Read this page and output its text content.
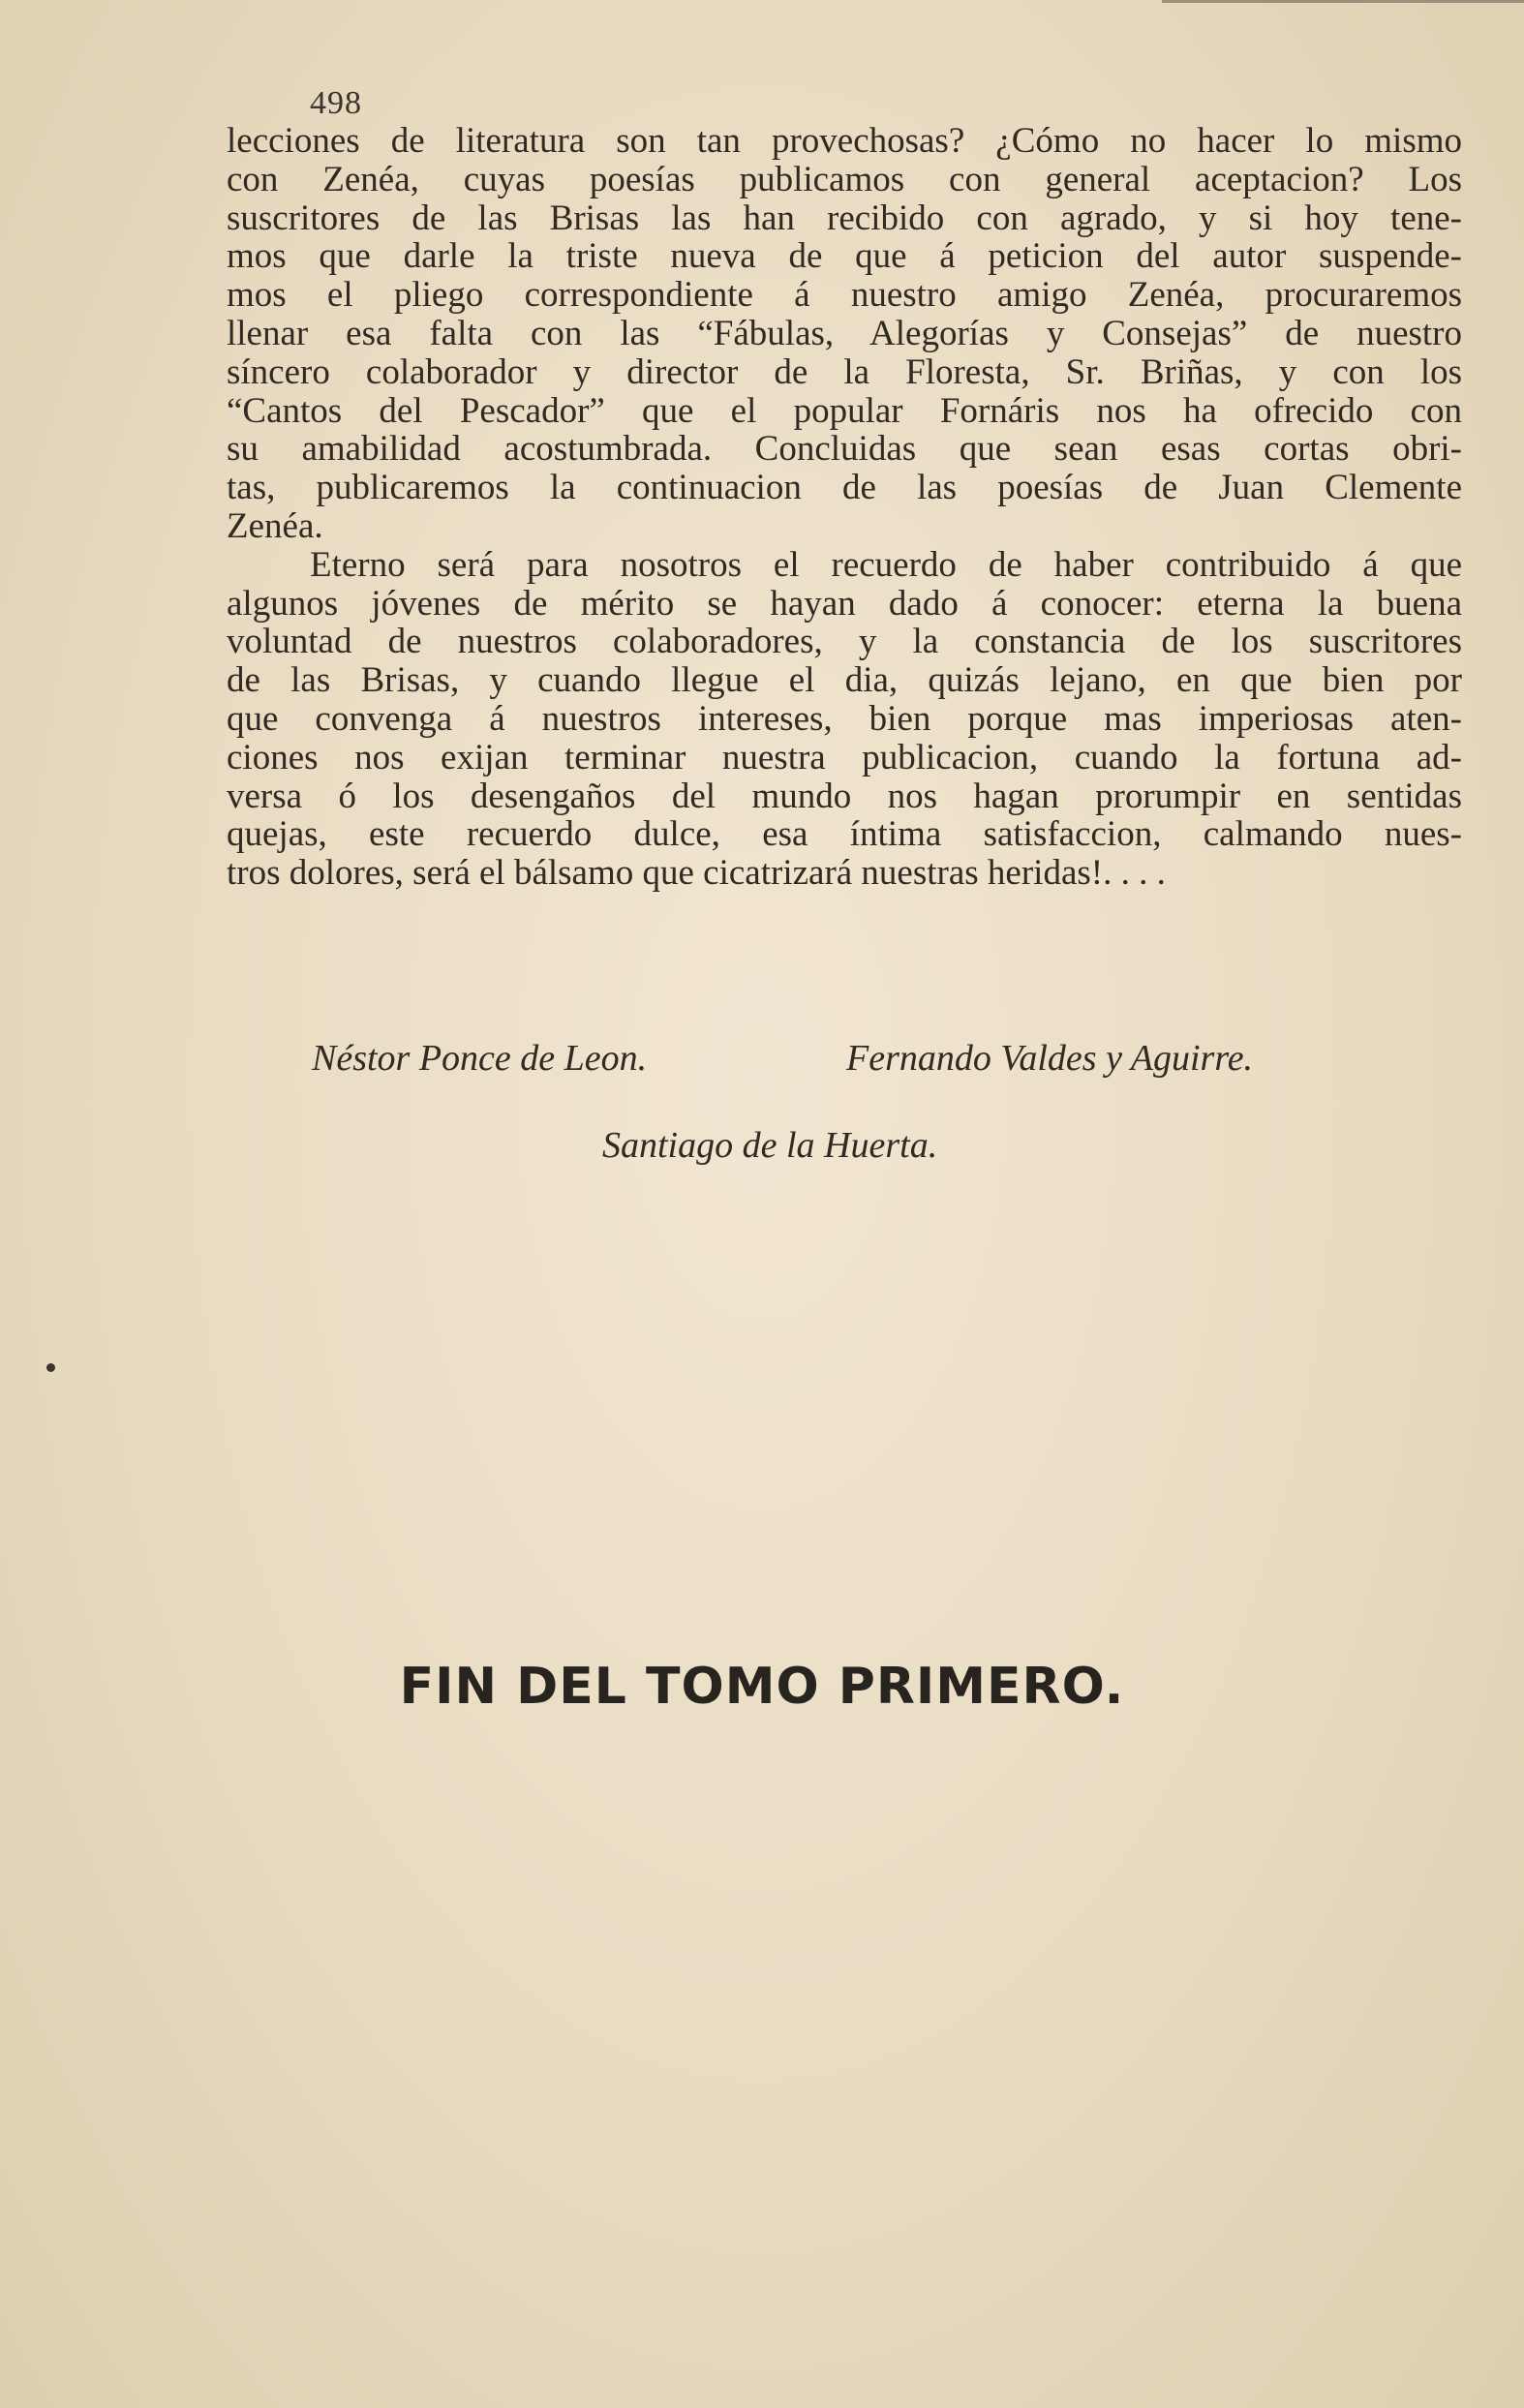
498
lecciones de literatura son tan provechosas? ¿Cómo no hacer lo mismo
con Zenéa, cuyas poesías publicamos con general aceptacion? Los
suscritores de las Brisas las han recibido con agrado, y si hoy tene-
mos que darle la triste nueva de que á peticion del autor suspende-
mos el pliego correspondiente á nuestro amigo Zenéa, procuraremos
llenar esa falta con las “Fábulas, Alegorías y Consejas” de nuestro
síncero colaborador y director de la Floresta, Sr. Briñas, y con los
“Cantos del Pescador” que el popular Fornáris nos ha ofrecido con
su amabilidad acostumbrada. Concluidas que sean esas cortas obri-
tas, publicaremos la continuacion de las poesías de Juan Clemente
Zenéa.
Eterno será para nosotros el recuerdo de haber contribuido á que
algunos jóvenes de mérito se hayan dado á conocer: eterna la buena
voluntad de nuestros colaboradores, y la constancia de los suscritores
de las Brisas, y cuando llegue el dia, quizás lejano, en que bien por
que convenga á nuestros intereses, bien porque mas imperiosas aten-
ciones nos exijan terminar nuestra publicacion, cuando la fortuna ad-
versa ó los desengaños del mundo nos hagan prorumpir en sentidas
quejas, este recuerdo dulce, esa íntima satisfaccion, calmando nues-
tros dolores, será el bálsamo que cicatrizará nuestras heridas!. . . .
Néstor Ponce de Leon.	Fernando Valdes y Aguirre.
Santiago de la Huerta.
FIN DEL TOMO PRIMERO.
